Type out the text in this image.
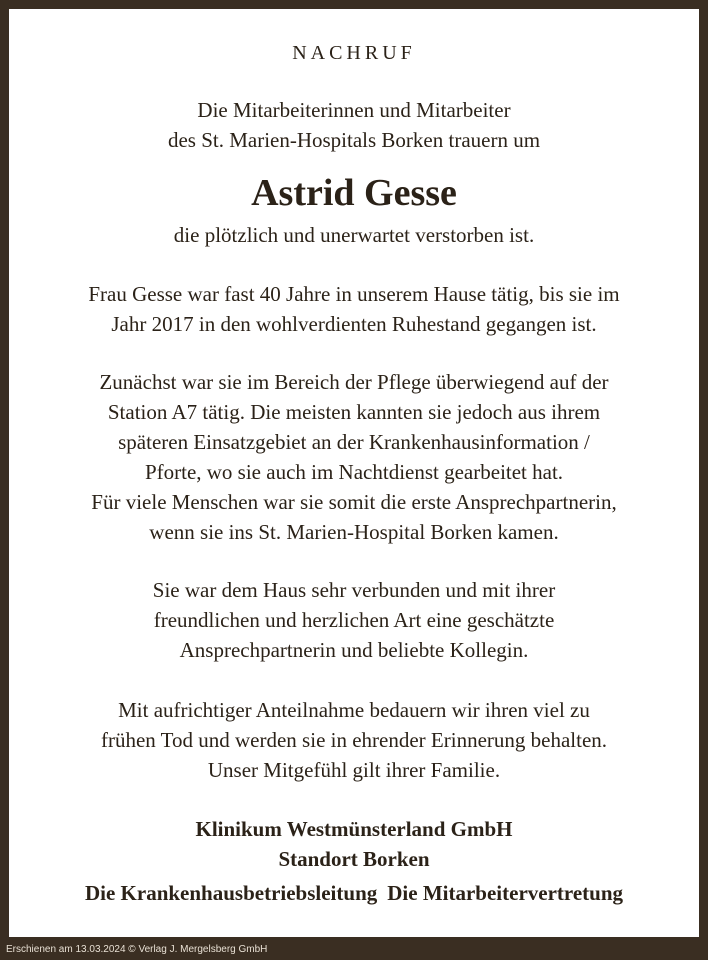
NACHRUF
Die Mitarbeiterinnen und Mitarbeiter
des St. Marien-Hospitals Borken trauern um
Astrid Gesse
die plötzlich und unerwartet verstorben ist.
Frau Gesse war fast 40 Jahre in unserem Hause tätig, bis sie im
Jahr 2017 in den wohlverdienten Ruhestand gegangen ist.
Zunächst war sie im Bereich der Pflege überwiegend auf der
Station A7 tätig. Die meisten kannten sie jedoch aus ihrem
späteren Einsatzgebiet an der Krankenhausinformation /
Pforte, wo sie auch im Nachtdienst gearbeitet hat.
Für viele Menschen war sie somit die erste Ansprechpartnerin,
wenn sie ins St. Marien-Hospital Borken kamen.
Sie war dem Haus sehr verbunden und mit ihrer
freundlichen und herzlichen Art eine geschätzte
Ansprechpartnerin und beliebte Kollegin.
Mit aufrichtiger Anteilnahme bedauern wir ihren viel zu
frühen Tod und werden sie in ehrender Erinnerung behalten.
Unser Mitgefühl gilt ihrer Familie.
Klinikum Westmünsterland GmbH
Standort Borken
Die Krankenhausbetriebsleitung Die Mitarbeitervertretung
Erschienen am 13.03.2024 © Verlag J. Mergelsberg GmbH
